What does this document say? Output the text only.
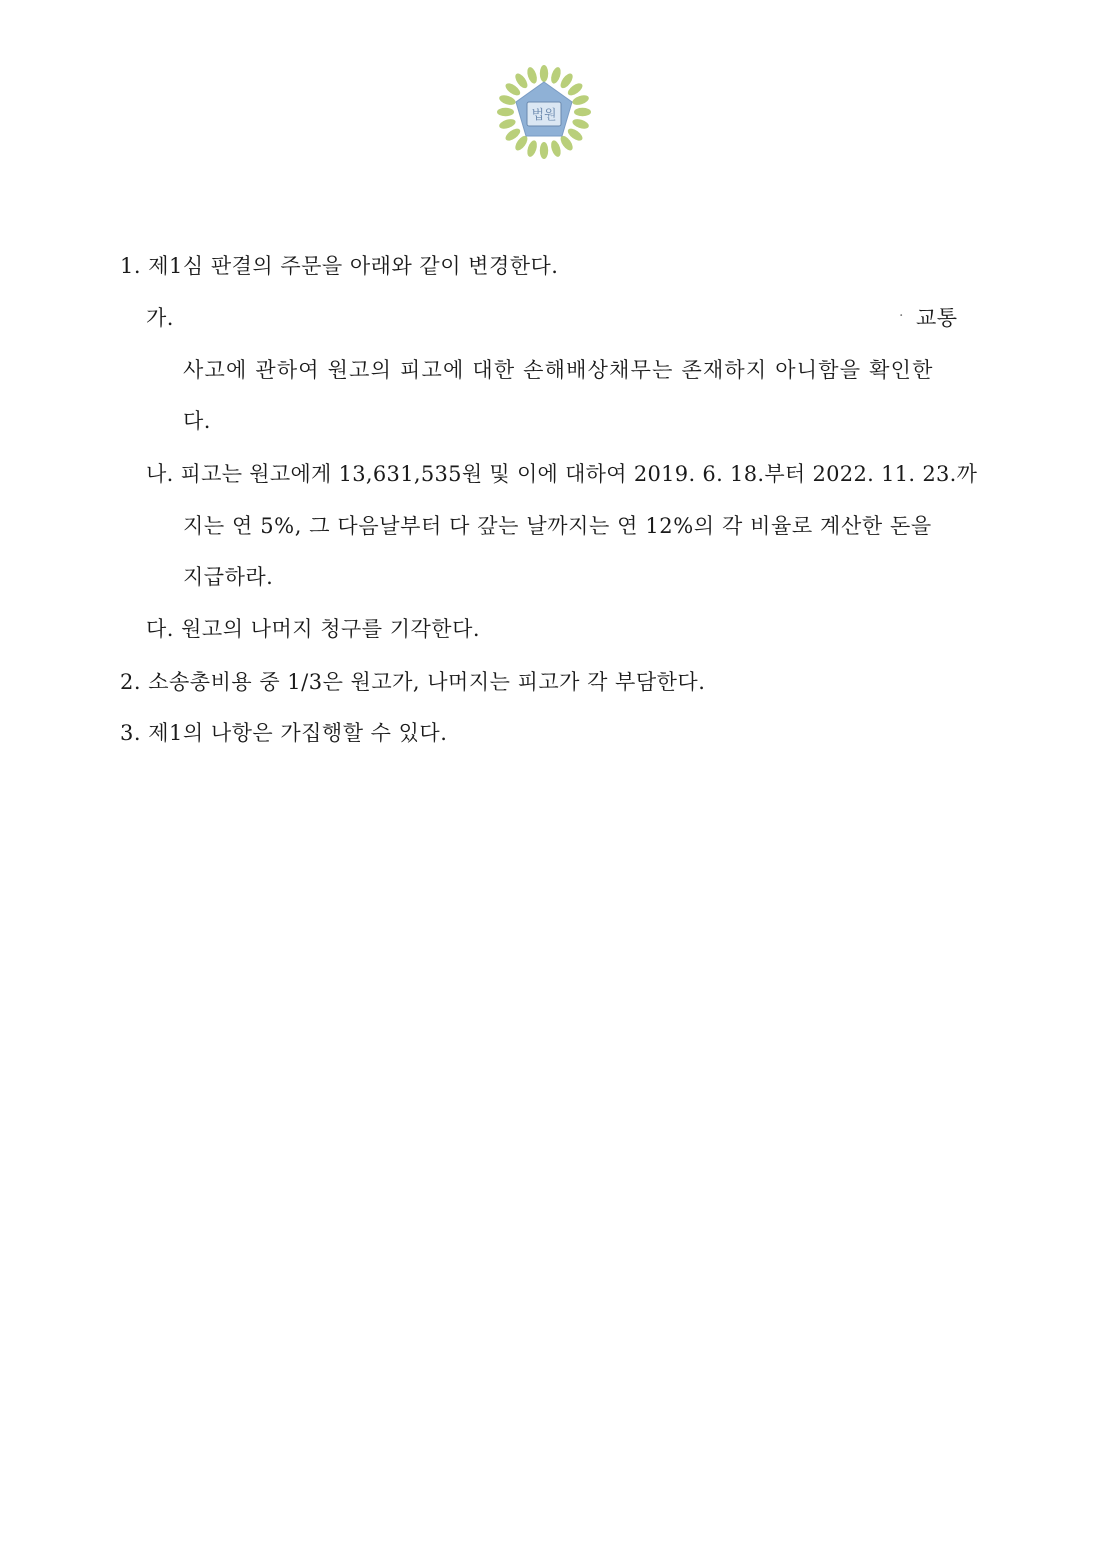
법원
1. 제1심 판결의 주문을 아래와 같이 변경한다.
가.	· 교통
사고에 관하여 원고의 피고에 대한 손해배상채무는 존재하지 아니함을 확인한
다.
나. 피고는 원고에게 13,631,535원 및 이에 대하여 2019. 6. 18.부터 2022. 11. 23.까
지는 연 5%, 그 다음날부터 다 갚는 날까지는 연 12%의 각 비율로 계산한 돈을
지급하라.
다. 원고의 나머지 청구를 기각한다.
2. 소송총비용 중 1/3은 원고가, 나머지는 피고가 각 부담한다.
3. 제1의 나항은 가집행할 수 있다.
